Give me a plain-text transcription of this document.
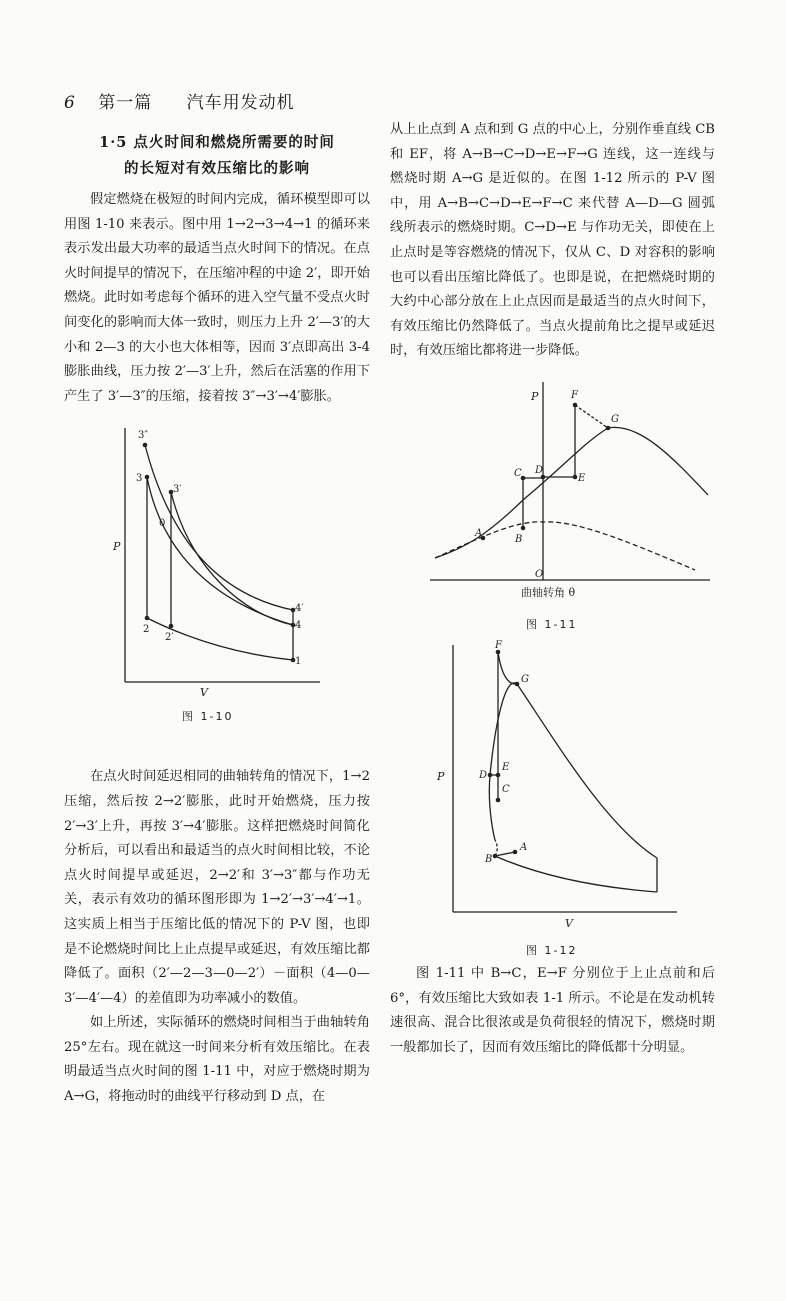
6 第一篇 汽车用发动机
1·5 点火时间和燃烧所需要的时间
的长短对有效压缩比的影响

假定燃烧在极短的时间内完成，循环模型即可以用图 1-10 来表示。图中用 1→2→3→4→1 的循环来表示发出最大功率的最适当点火时间下的情况。在点火时间提早的情况下，在压缩冲程的中途 2′，即开始燃烧。此时如考虑每个循环的进入空气量不受点火时间变化的影响而大体一致时，则压力上升 2′—3′的大小和 2—3 的大小也大体相等，因而 3′点即高出 3-4 膨胀曲线，压力按 2′—3′上升，然后在活塞的作用下产生了 3′—3″的压缩，接着按 3″→3′→4′膨胀。

在点火时间延迟相同的曲轴转角的情况下，1→2 压缩，然后按 2→2′膨胀，此时开始燃烧，压力按 2′→3′上升，再按 3′→4′膨胀。这样把燃烧时间简化分析后，可以看出和最适当的点火时间相比较，不论点火时间提早或延迟，2→2′和 3′→3″都与作功无关，表示有效功的循环图形即为 1→2′→3′→4′→1。这实质上相当于压缩比低的情况下的 P-V 图，也即是不论燃烧时间比上止点提早或延迟，有效压缩比都降低了。面积（2′—2—3—0—2′）－面积（4—0—3′—4′—4）的差值即为功率减小的数值。

如上所述，实际循环的燃烧时间相当于曲轴转角 25°左右。现在就这一时间来分析有效压缩比。在表明最适当点火时间的图 1-11 中，对应于燃烧时期为 A→G，将拖动时的曲线平行移动到 D 点，在

从上止点到 A 点和到 G 点的中心上，分别作垂直线 CB 和 EF，将 A→B→C→D→E→F→G 连线，这一连线与燃烧时期 A→G 是近似的。在图 1-12 所示的 P-V 图中，用 A→B→C→D→E→F→C 来代替 A—D—G 圆弧线所表示的燃烧时期。C→D→E 与作功无关，即使在上止点时是等容燃烧的情况下，仅从 C、D 对容积的影响也可以看出压缩比降低了。也即是说，在把燃烧时期的大约中心部分放在上止点因而是最适当的点火时间下，有效压缩比仍然降低了。当点火提前角比之提早或延迟时，有效压缩比都将进一步降低。

图 1-11 中 B→C，E→F 分别位于上止点前和后 6°，有效压缩比大致如表 1-1 所示。不论是在发动机转速很高、混合比很浓或是负荷很轻的情况下，燃烧时期一般都加长了，因而有效压缩比的降低都十分明显。

3″
3
3′
0
4′
4
2
2′
1
P
V
图 1-10
F
G
C D
E
A
B
O
P
曲轴转角 θ
图 1-11
F
G
D
E
C
B
A
P
V
图 1-12
